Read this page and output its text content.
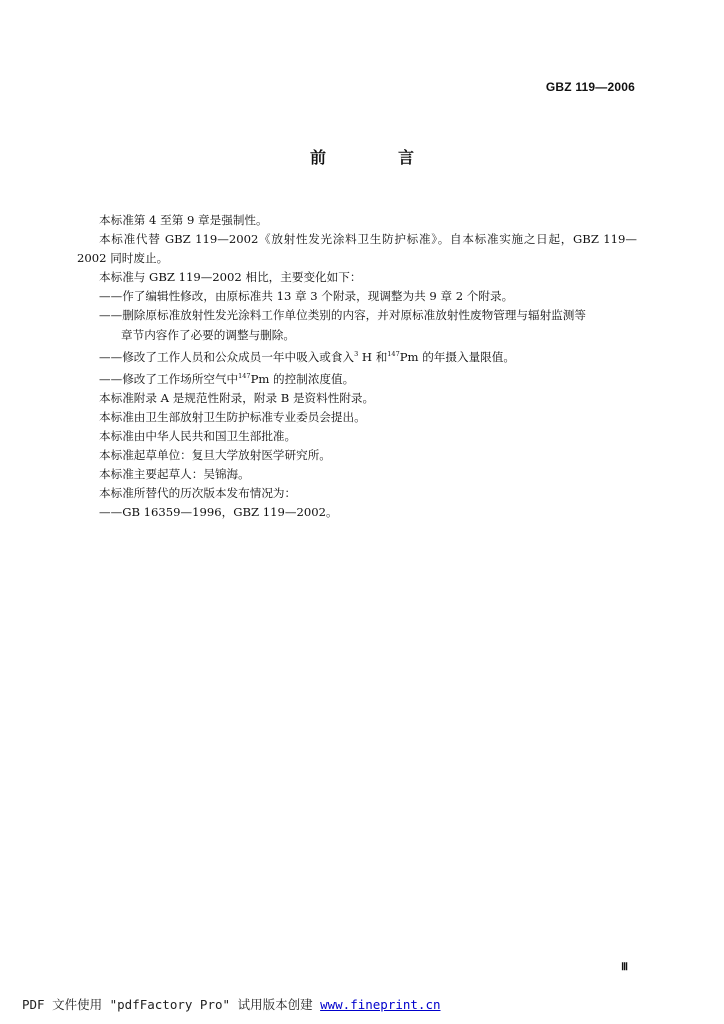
GBZ 119—2006
前　言

本标准第 4 至第 9 章是强制性。

本标准代替 GBZ 119—2002《放射性发光涂料卫生防护标准》。自本标准实施之日起，GBZ 119—2002 同时废止。

本标准与 GBZ 119—2002 相比，主要变化如下：

——作了编辑性修改，由原标准共 13 章 3 个附录，现调整为共 9 章 2 个附录。

——删除原标准放射性发光涂料工作单位类别的内容，并对原标准放射性废物管理与辐射监测等

章节内容作了必要的调整与删除。

——修改了工作人员和公众成员一年中吸入或食入$^3$ H 和$^{147}$Pm 的年摄入量限值。

——修改了工作场所空气中$^{147}$Pm 的控制浓度值。

本标准附录 A 是规范性附录，附录 B 是资料性附录。

本标准由卫生部放射卫生防护标准专业委员会提出。

本标准由中华人民共和国卫生部批准。

本标准起草单位：复旦大学放射医学研究所。

本标准主要起草人：吴锦海。

本标准所替代的历次版本发布情况为：

——GB 16359—1996，GBZ 119—2002。

Ⅲ
PDF 文件使用 "pdfFactory Pro" 试用版本创建 www.fineprint.cn
